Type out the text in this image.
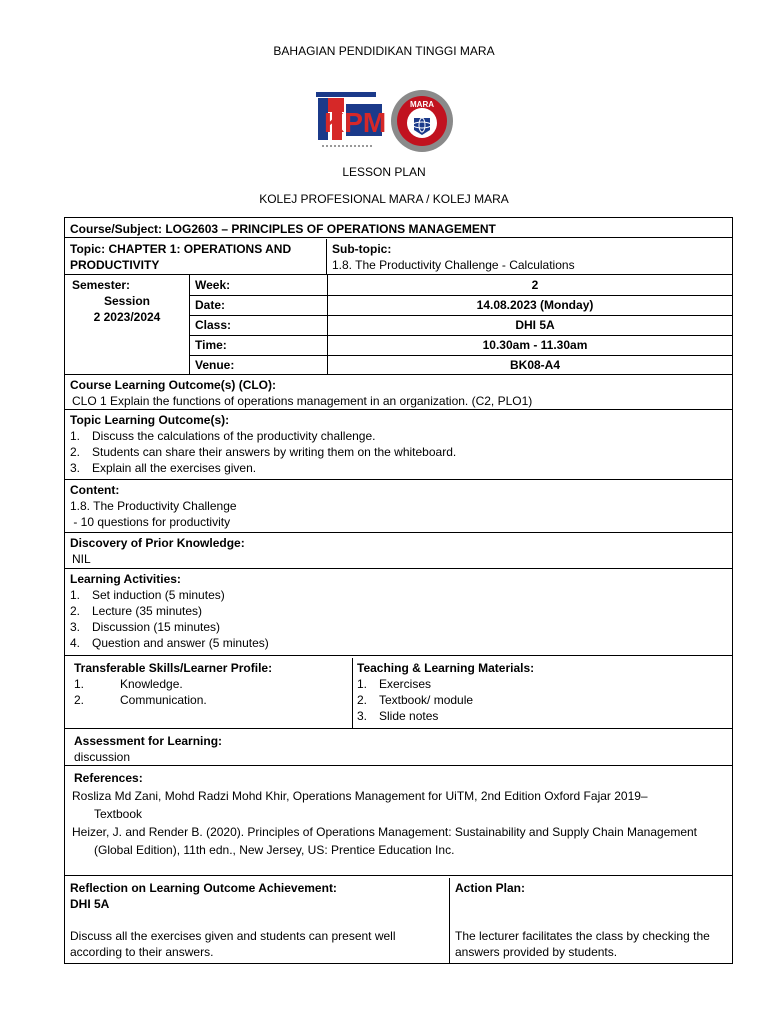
BAHAGIAN PENDIDIKAN TINGGI MARA
KPM
MARA
LESSON PLAN
KOLEJ PROFESIONAL MARA / KOLEJ MARA
Course/Subject: LOG2603 – PRINCIPLES OF OPERATIONS MANAGEMENT
Topic: CHAPTER 1: OPERATIONS AND PRODUCTIVITY
Sub-topic:
1.8. The Productivity Challenge - Calculations
Semester:
Session
2 2023/2024
Week:	2
Date:	14.08.2023 (Monday)
Class:	DHI 5A
Time:	10.30am - 11.30am
Venue:	BK08-A4
Course Learning Outcome(s) (CLO):
CLO 1 Explain the functions of operations management in an organization. (C2, PLO1)
Topic Learning Outcome(s):
1. Discuss the calculations of the productivity challenge.
2. Students can share their answers by writing them on the whiteboard.
3. Explain all the exercises given.
Content:
1.8. The Productivity Challenge
- 10 questions for productivity
Discovery of Prior Knowledge:
NIL
Learning Activities:
1. Set induction (5 minutes)
2. Lecture (35 minutes)
3. Discussion (15 minutes)
4. Question and answer (5 minutes)
Transferable Skills/Learner Profile:
1.	Knowledge.
2.	Communication.
Teaching & Learning Materials:
1. Exercises
2. Textbook/ module
3. Slide notes
Assessment for Learning:
discussion
References:
Rosliza Md Zani, Mohd Radzi Mohd Khir, Operations Management for UiTM, 2nd Edition Oxford Fajar 2019– Textbook
Heizer, J. and Render B. (2020). Principles of Operations Management: Sustainability and Supply Chain Management (Global Edition), 11th edn., New Jersey, US: Prentice Education Inc.
Reflection on Learning Outcome Achievement:
DHI 5A
Discuss all the exercises given and students can present well according to their answers.
Action Plan:
The lecturer facilitates the class by checking the answers provided by students.
